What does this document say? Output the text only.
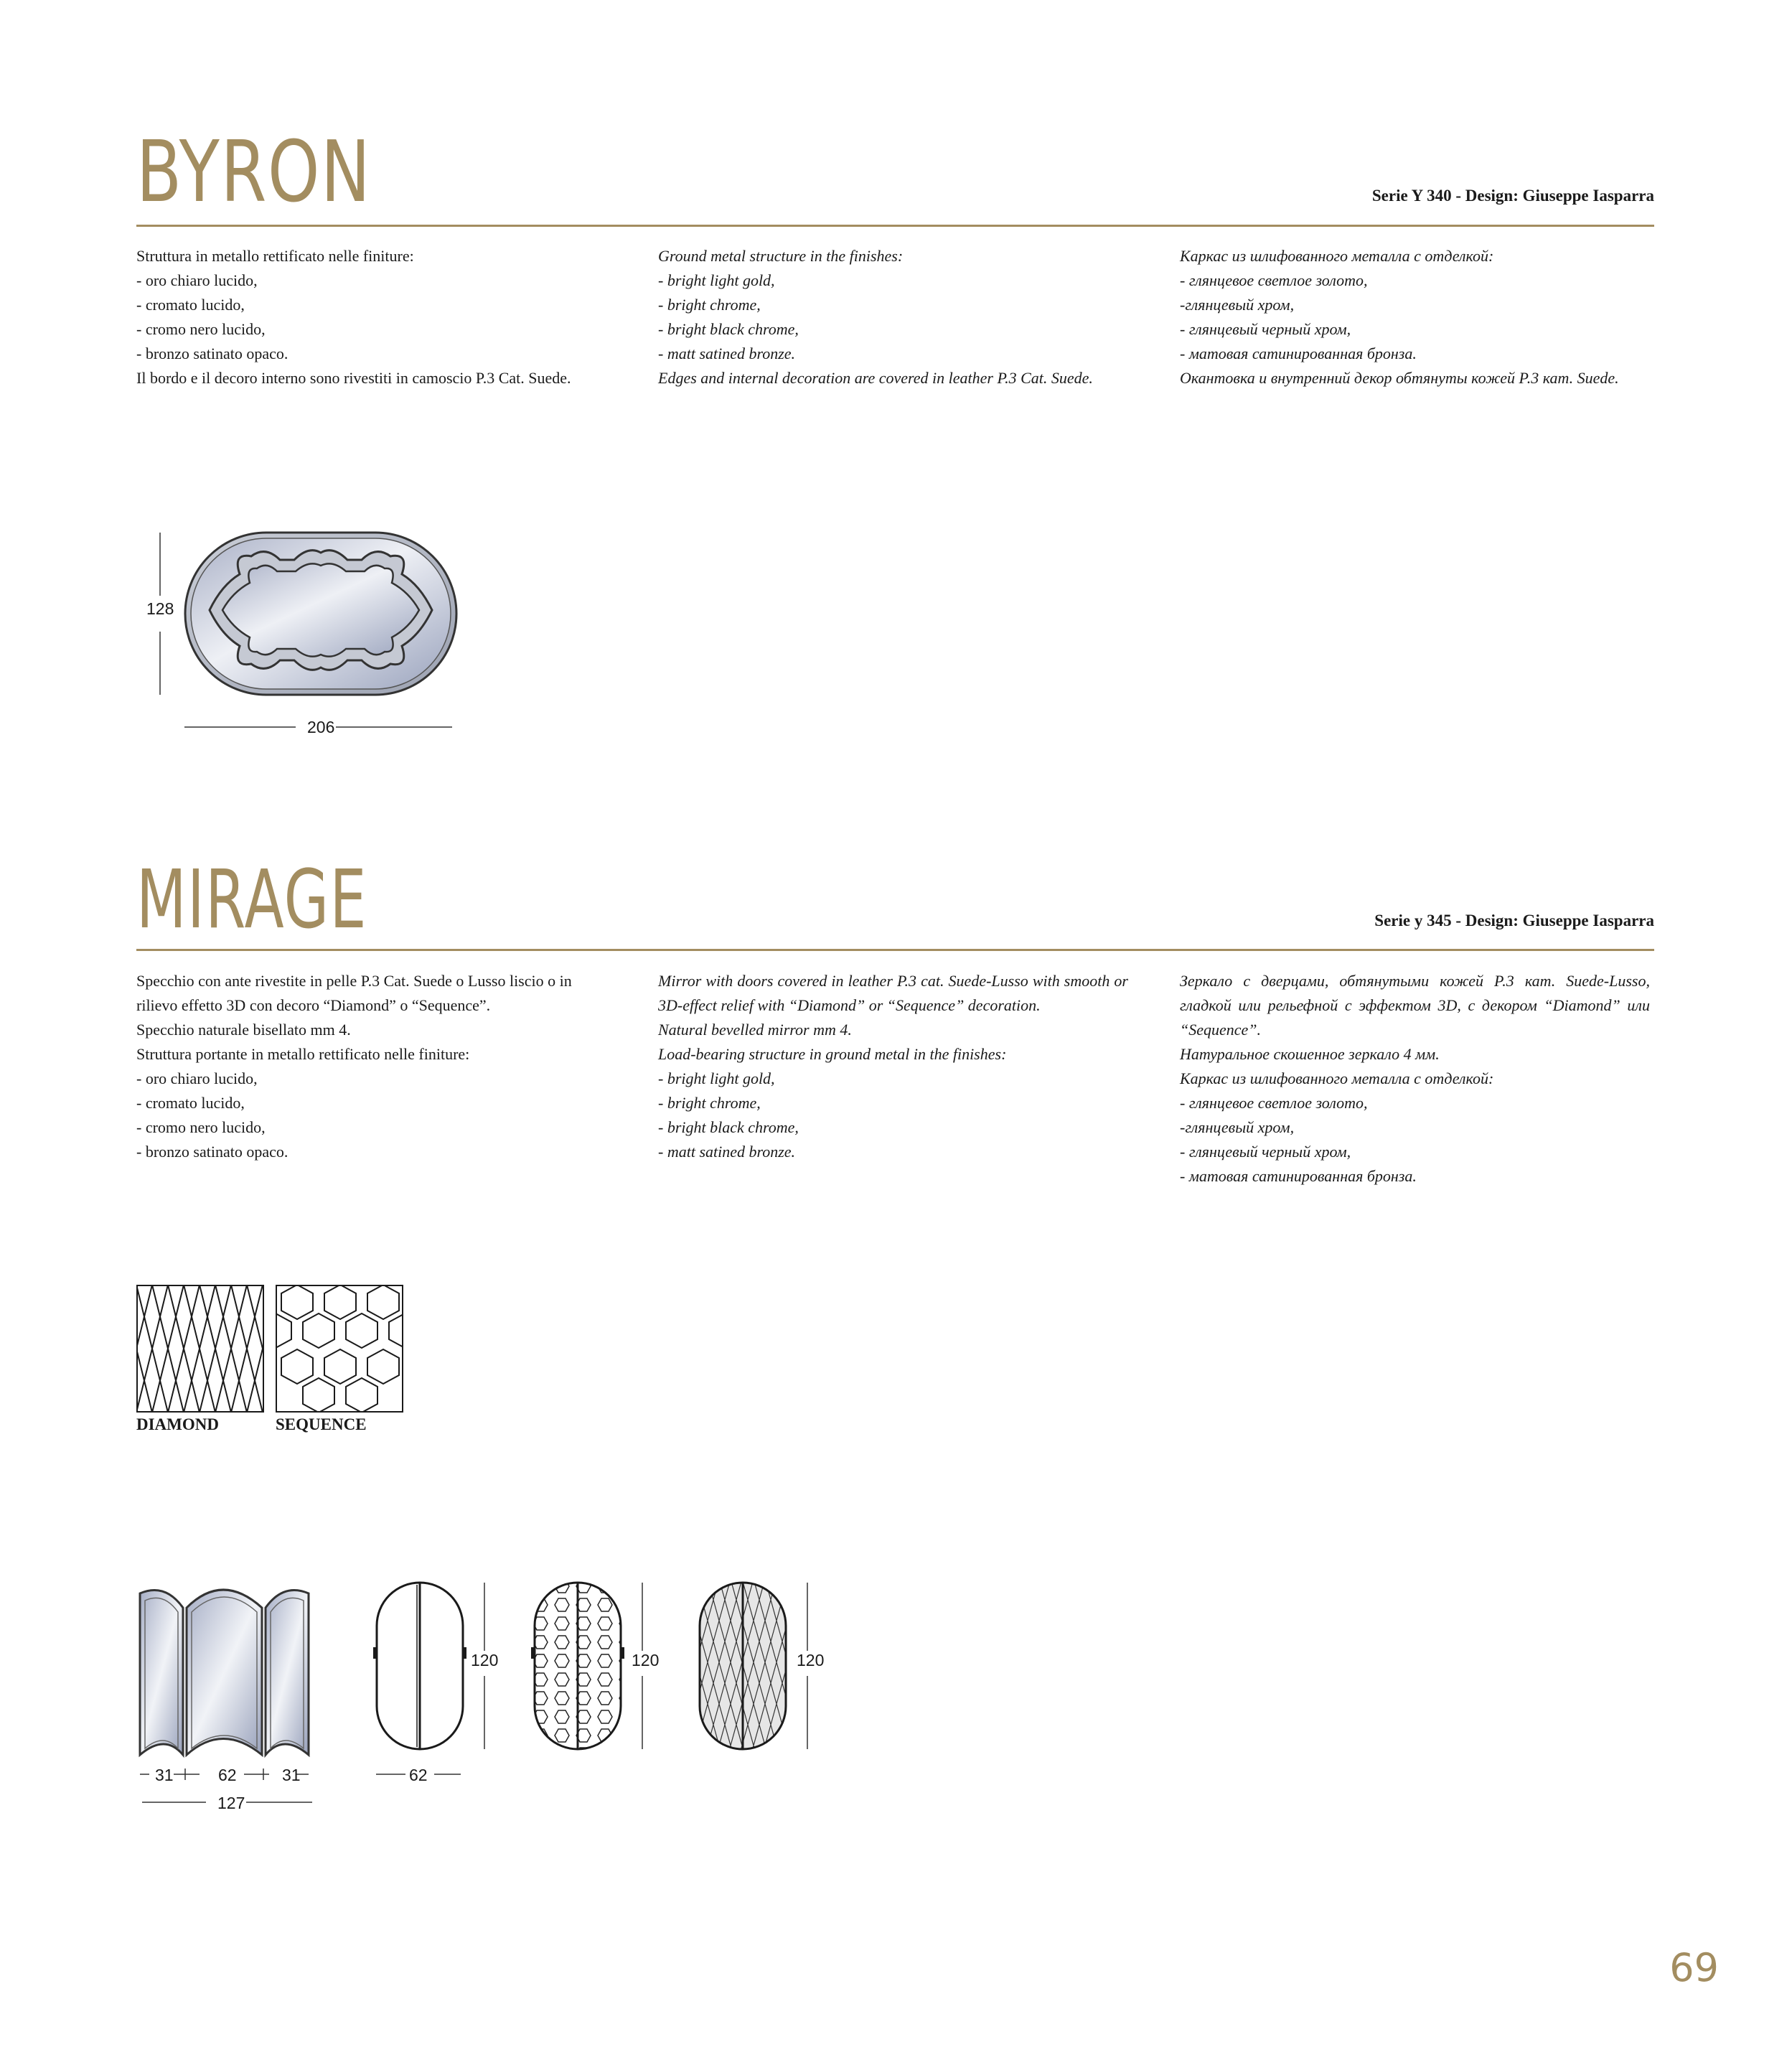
BYRON	Serie Y 340 - Design: Giuseppe Iasparra

Struttura in metallo rettificato nelle finiture:

- oro chiaro lucido,

- cromato lucido,

- cromo nero lucido,

- bronzo satinato opaco.

Il bordo e il decoro interno sono rivestiti in camoscio P.3 Cat. Suede.

Ground metal structure in the finishes:

- bright light gold,

- bright chrome,

- bright black chrome,

- matt satined bronze.

Edges and internal decoration are covered in leather P.3 Cat. Suede.

Каркас из шлифованного металла с отделкой:

- глянцевое светлое золото,

-глянцевый хром,

- глянцевый черный хром,

- матовая сатинированная бронза.

Окантовка и внутренний декор обтянуты кожей Р.3 кат. Suede.

128
206
MIRAGE	Serie y 345 - Design: Giuseppe Iasparra

Specchio con ante rivestite in pelle P.3 Cat. Suede o Lusso liscio o in rilievo effetto 3D con decoro “Diamond” o “Sequence”.

Specchio naturale bisellato mm 4.

Struttura portante in metallo rettificato nelle finiture:

- oro chiaro lucido,

- cromato lucido,

- cromo nero lucido,

- bronzo satinato opaco.

Mirror with doors covered in leather P.3 cat. Suede-Lusso with smooth or 3D-effect relief with “Diamond” or “Sequence” decoration.

Natural bevelled mirror mm 4.

Load-bearing structure in ground metal in the finishes:

- bright light gold,

- bright chrome,

- bright black chrome,

- matt satined bronze.

Зеркало с дверцами, обтянутыми кожей Р.3 кат. Suede-Lusso, гладкой или рельефной с эффектом 3D, с декором “Diamond” или “Sequence”.

Натуральное скошенное зеркало 4 мм.

Каркас из шлифованного металла с отделкой:

- глянцевое светлое золото,

-глянцевый хром,

- глянцевый черный хром,

- матовая сатинированная бронза.

DIAMOND	SEQUENCE
31	62	31
127
62
120	120	120
69
